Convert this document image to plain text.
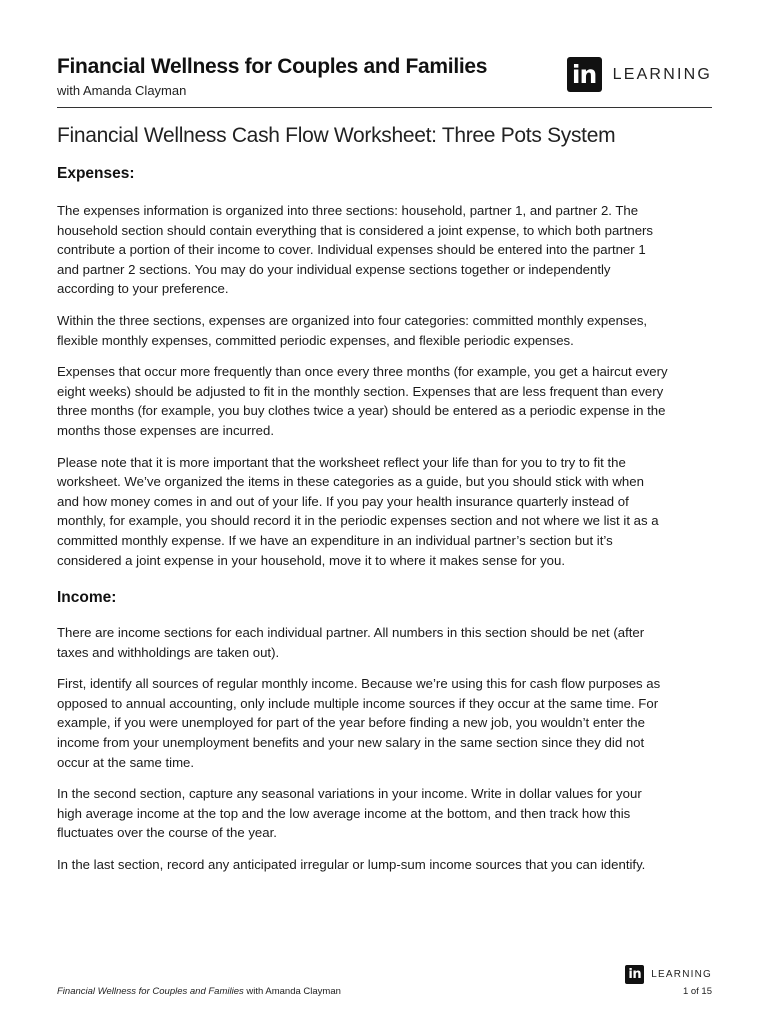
Financial Wellness for Couples and Families
with Amanda Clayman
in	LEARNING
Financial Wellness Cash Flow Worksheet: Three Pots System
Expenses:

The expenses information is organized into three sections: household, partner 1, and partner 2. The household section should contain everything that is considered a joint expense, to which both partners contribute a portion of their income to cover. Individual expenses should be entered into the partner 1 and partner 2 sections. You may do your individual expense sections together or independently according to your preference.

Within the three sections, expenses are organized into four categories: committed monthly expenses, flexible monthly expenses, committed periodic expenses, and flexible periodic expenses.

Expenses that occur more frequently than once every three months (for example, you get a haircut every eight weeks) should be adjusted to fit in the monthly section. Expenses that are less frequent than every three months (for example, you buy clothes twice a year) should be entered as a periodic expense in the months those expenses are incurred.

Please note that it is more important that the worksheet reflect your life than for you to try to fit the worksheet. We’ve organized the items in these categories as a guide, but you should stick with when and how money comes in and out of your life. If you pay your health insurance quarterly instead of monthly, for example, you should record it in the periodic expenses section and not where we list it as a committed monthly expense. If we have an expenditure in an individual partner’s section but it’s considered a joint expense in your household, move it to where it makes sense for you.

Income:

There are income sections for each individual partner. All numbers in this section should be net (after taxes and withholdings are taken out).

First, identify all sources of regular monthly income. Because we’re using this for cash flow purposes as opposed to annual accounting, only include multiple income sources if they occur at the same time. For example, if you were unemployed for part of the year before finding a new job, you wouldn’t enter the income from your unemployment benefits and your new salary in the same section since they did not occur at the same time.

In the second section, capture any seasonal variations in your income. Write in dollar values for your high average income at the top and the low average income at the bottom, and then track how this fluctuates over the course of the year.

In the last section, record any anticipated irregular or lump-sum income sources that you can identify.

in	LEARNING
Financial Wellness for Couples and Families with Amanda Clayman	1 of 15
